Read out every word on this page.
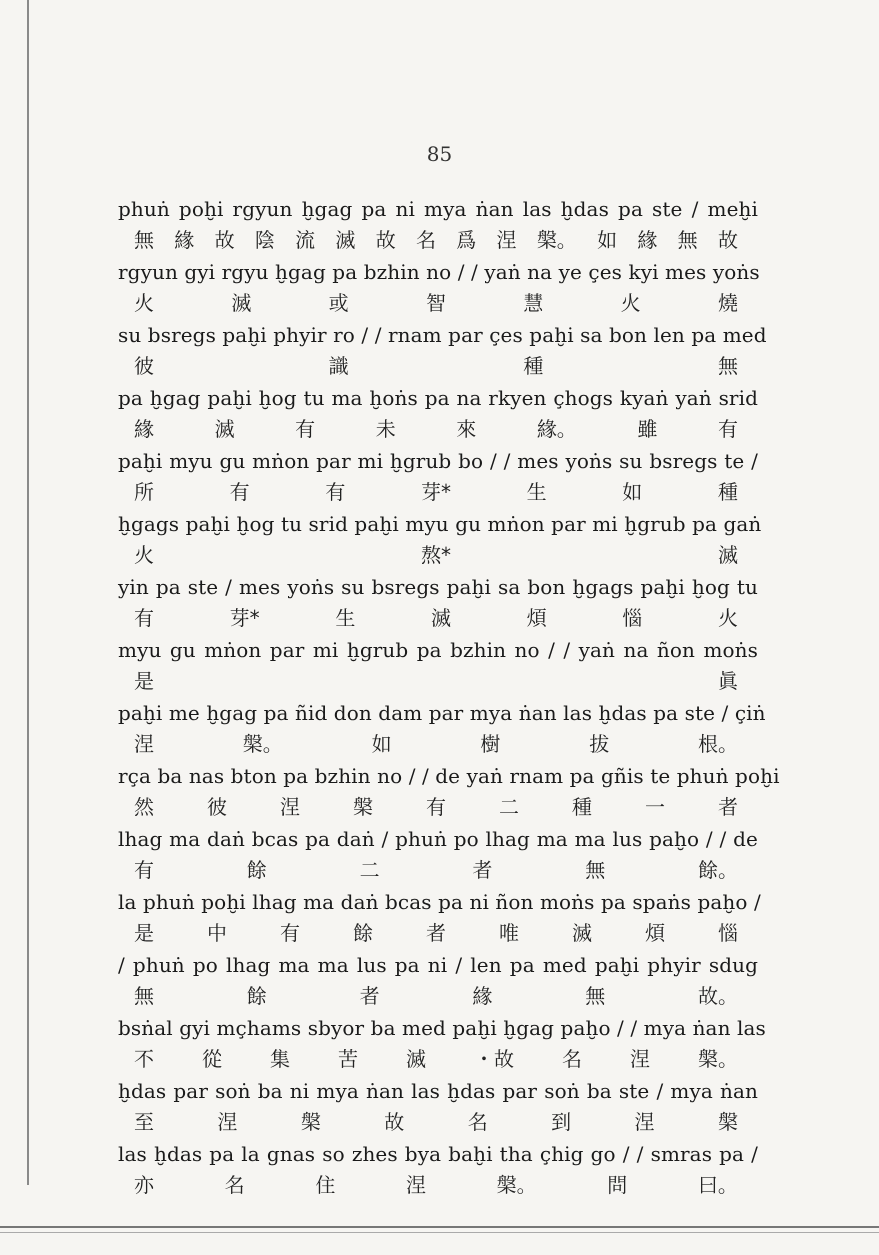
85
phuṅ poḫi rgyun ḫgag pa ni mya ṅan las ḫdas pa ste / meḫi
無 緣 故 陰 流 滅 故 名 爲 涅 槃。 如 緣 無 故
rgyun gyi rgyu ḫgag pa bzhin no / / yaṅ na ye çes kyi mes yoṅs
火	滅	或	智	慧	火	燒
su bsregs paḫi phyir ro / / rnam par çes paḫi sa bon len pa med
彼	識	種	無
pa ḫgag paḫi ḫog tu ma ḫoṅs pa na rkyen çhogs kyaṅ yaṅ srid
緣	滅	有	未	來	緣。	雖	有
paḫi myu gu mṅon par mi ḫgrub bo / / mes yoṅs su bsregs te /
所	有	有	芽*	生	如	種
ḫgags paḫi ḫog tu srid paḫi myu gu mṅon par mi ḫgrub pa gaṅ
火	熬*	滅
yin pa ste / mes yoṅs su bsregs paḫi sa bon ḫgags paḫi ḫog tu
有	芽*	生	滅	煩	惱	火
myu gu mṅon par mi ḫgrub pa bzhin no / / yaṅ na ñon moṅs
是	眞
paḫi me ḫgag pa ñid don dam par mya ṅan las ḫdas pa ste / çiṅ
涅	槃。	如	樹	拔	根。
rça ba nas bton pa bzhin no / / de yaṅ rnam pa gñis te phuṅ poḫi
然	彼	涅	槃	有	二	種	一	者
lhag ma daṅ bcas pa daṅ / phuṅ po lhag ma ma lus paḫo / / de
有	餘	二	者	無	餘。
la phuṅ poḫi lhag ma daṅ bcas pa ni ñon moṅs pa spaṅs paḫo /
是	中	有	餘	者	唯	滅	煩	惱
/ phuṅ po lhag ma ma lus pa ni / len pa med paḫi phyir sdug
無	餘	者	緣	無	故。
bsṅal gyi mçhams sbyor ba med paḫi ḫgag paḫo / / mya ṅan las
不 從 集 苦 滅 ・故 名 涅 槃。
ḫdas par soṅ ba ni mya ṅan las ḫdas par soṅ ba ste / mya ṅan
至	涅	槃	故	名	到	涅	槃
las ḫdas pa la gnas so zhes bya baḫi tha çhig go / / smras pa /
亦	名	住	涅	槃。	問	曰。
